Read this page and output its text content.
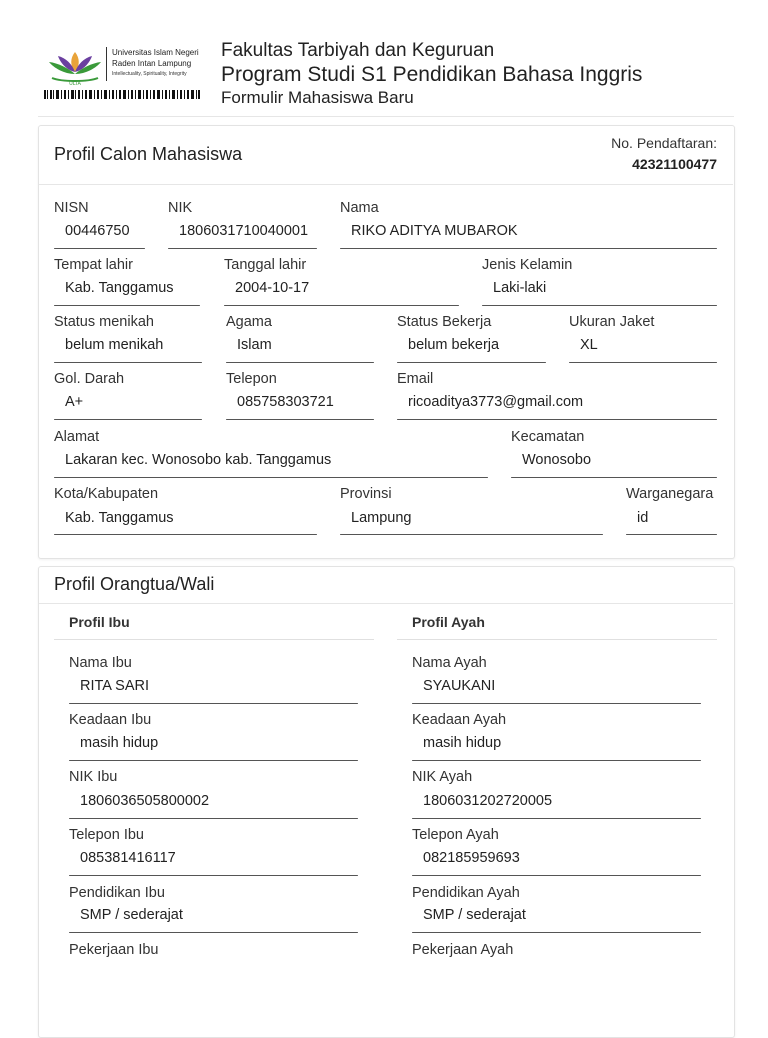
ULTA
Universitas Islam Negeri
Raden Intan Lampung
Intellectuality, Spirituality, Integrity
Fakultas Tarbiyah dan Keguruan
Program Studi S1 Pendidikan Bahasa Inggris
Formulir Mahasiswa Baru
Profil Calon Mahasiswa
No. Pendaftaran:
42321100477
NISN
00446750
NIK
1806031710040001
Nama
RIKO ADITYA MUBAROK
Tempat lahir
Kab. Tanggamus
Tanggal lahir
2004-10-17
Jenis Kelamin
Laki-laki
Status menikah
belum menikah
Agama
Islam
Status Bekerja
belum bekerja
Ukuran Jaket
XL
Gol. Darah
A+
Telepon
085758303721
Email
ricoaditya3773@gmail.com
Alamat
Lakaran kec. Wonosobo kab. Tanggamus
Kecamatan
Wonosobo
Kota/Kabupaten
Kab. Tanggamus
Provinsi
Lampung
Warganegara
id
Profil Orangtua/Wali
Profil Ibu
Nama Ibu
RITA SARI
Keadaan Ibu
masih hidup
NIK Ibu
1806036505800002
Telepon Ibu
085381416117
Pendidikan Ibu
SMP / sederajat
Pekerjaan Ibu
Profil Ayah
Nama Ayah
SYAUKANI
Keadaan Ayah
masih hidup
NIK Ayah
1806031202720005
Telepon Ayah
082185959693
Pendidikan Ayah
SMP / sederajat
Pekerjaan Ayah
